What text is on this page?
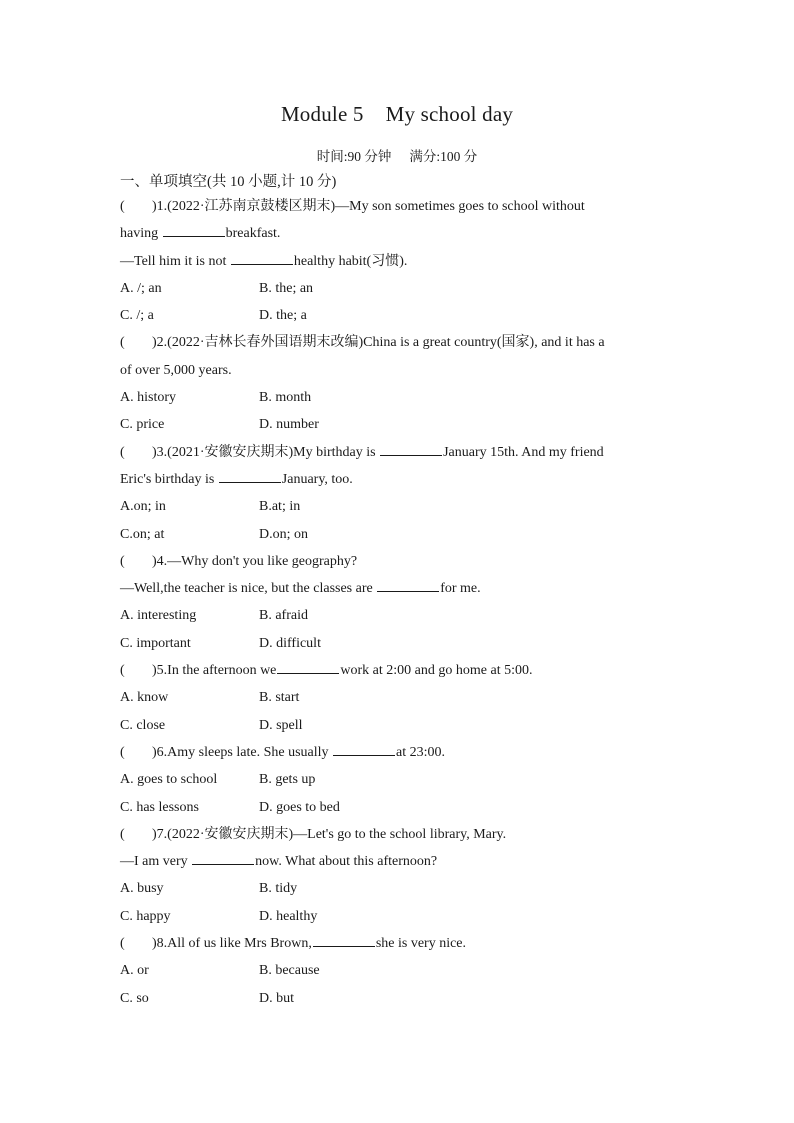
Module 5 My school day
时间:90 分钟 满分:100 分
一、单项填空(共 10 小题,计 10 分)
( )1.(2022·江苏南京鼓楼区期末)—My son sometimes goes to school without
having	breakfast.
—Tell him it is not	healthy habit(习惯).
A. /; an	B. the; an
C. /; a	D. the; a
( )2.(2022·吉林长春外国语期末改编)China is a great country(国家), and it has a
of over 5,000 years.
A. history	B. month
C. price	D. number
( )3.(2021·安徽安庆期末)My birthday is	January 15th. And my friend
Eric's birthday is	January, too.
A.on; in	B.at; in
C.on; at	D.on; on
( )4.—Why don't you like geography?
—Well,the teacher is nice, but the classes are	for me.
A. interesting	B. afraid
C. important	D. difficult
( )5.In the afternoon we	work at 2:00 and go home at 5:00.
A. know	B. start
C. close	D. spell
( )6.Amy sleeps late. She usually	at 23:00.
A. goes to school	B. gets up
C. has lessons	D. goes to bed
( )7.(2022·安徽安庆期末)—Let's go to the school library, Mary.
—I am very	now. What about this afternoon?
A. busy	B. tidy
C. happy	D. healthy
( )8.All of us like Mrs Brown,	she is very nice.
A. or	B. because
C. so	D. but
